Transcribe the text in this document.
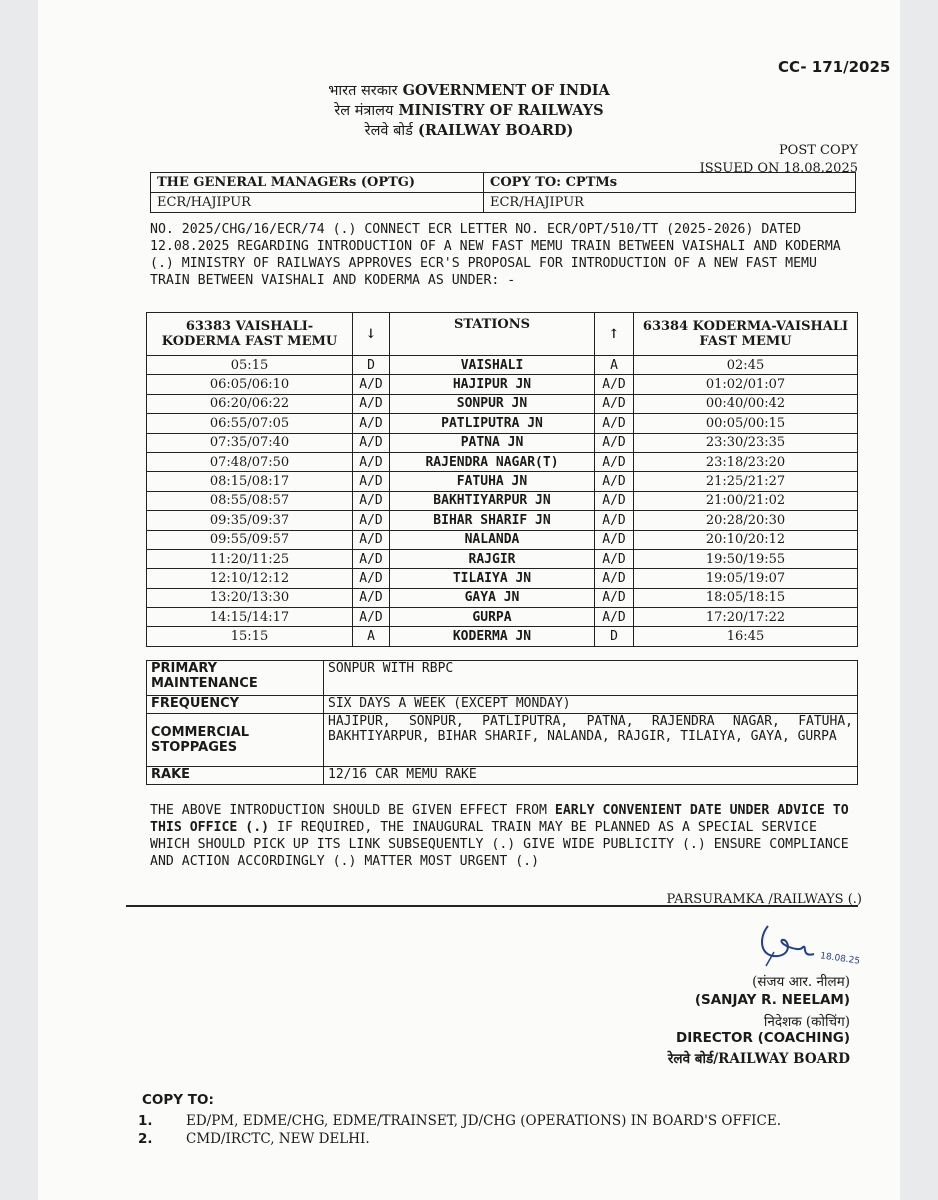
CC- 171/2025
भारत सरकार GOVERNMENT OF INDIA
रेल मंत्रालय MINISTRY OF RAILWAYS
रेलवे बोर्ड (RAILWAY BOARD)
POST COPY
ISSUED ON 18.08.2025
THE GENERAL MANAGERs (OPTG)	COPY TO: CPTMs
ECR/HAJIPUR	ECR/HAJIPUR
NO. 2025/CHG/16/ECR/74 (.) CONNECT ECR LETTER NO. ECR/OPT/510/TT (2025-2026) DATED 12.08.2025 REGARDING INTRODUCTION OF A NEW FAST MEMU TRAIN BETWEEN VAISHALI AND KODERMA (.) MINISTRY OF RAILWAYS APPROVES ECR'S PROPOSAL FOR INTRODUCTION OF A NEW FAST MEMU TRAIN BETWEEN VAISHALI AND KODERMA AS UNDER: -
63383 VAISHALI-KODERMA FAST MEMU	↓	STATIONS	↑	63384 KODERMA-VAISHALI FAST MEMU
05:15	D	VAISHALI	A	02:45
06:05/06:10	A/D	HAJIPUR JN	A/D	01:02/01:07
06:20/06:22	A/D	SONPUR JN	A/D	00:40/00:42
06:55/07:05	A/D	PATLIPUTRA JN	A/D	00:05/00:15
07:35/07:40	A/D	PATNA JN	A/D	23:30/23:35
07:48/07:50	A/D	RAJENDRA NAGAR(T)	A/D	23:18/23:20
08:15/08:17	A/D	FATUHA JN	A/D	21:25/21:27
08:55/08:57	A/D	BAKHTIYARPUR JN	A/D	21:00/21:02
09:35/09:37	A/D	BIHAR SHARIF JN	A/D	20:28/20:30
09:55/09:57	A/D	NALANDA	A/D	20:10/20:12
11:20/11:25	A/D	RAJGIR	A/D	19:50/19:55
12:10/12:12	A/D	TILAIYA JN	A/D	19:05/19:07
13:20/13:30	A/D	GAYA JN	A/D	18:05/18:15
14:15/14:17	A/D	GURPA	A/D	17:20/17:22
15:15	A	KODERMA JN	D	16:45
PRIMARY MAINTENANCE	SONPUR WITH RBPC
FREQUENCY	SIX DAYS A WEEK (EXCEPT MONDAY)
COMMERCIAL STOPPAGES	HAJIPUR, SONPUR, PATLIPUTRA, PATNA, RAJENDRA NAGAR, FATUHA, BAKHTIYARPUR, BIHAR SHARIF, NALANDA, RAJGIR, TILAIYA, GAYA, GURPA
RAKE	12/16 CAR MEMU RAKE
THE ABOVE INTRODUCTION SHOULD BE GIVEN EFFECT FROM EARLY CONVENIENT DATE UNDER ADVICE TO THIS OFFICE (.) IF REQUIRED, THE INAUGURAL TRAIN MAY BE PLANNED AS A SPECIAL SERVICE WHICH SHOULD PICK UP ITS LINK SUBSEQUENTLY (.) GIVE WIDE PUBLICITY (.) ENSURE COMPLIANCE AND ACTION ACCORDINGLY (.) MATTER MOST URGENT (.)
PARSURAMKA /RAILWAYS (.)
18.08.25
(संजय आर. नीलम)
(SANJAY R. NEELAM)
निदेशक (कोचिंग)
DIRECTOR (COACHING)
रेलवे बोर्ड/RAILWAY BOARD
COPY TO:
1. ED/PM, EDME/CHG, EDME/TRAINSET, JD/CHG (OPERATIONS) IN BOARD'S OFFICE.
2. CMD/IRCTC, NEW DELHI.
